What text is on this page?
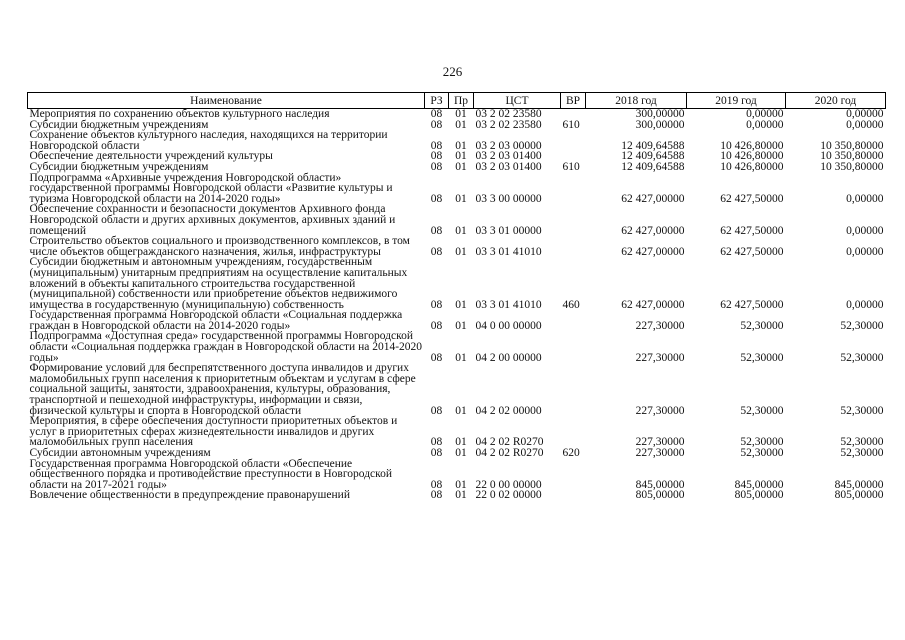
226
Наименование	РЗ	Пр	ЦСТ	ВР	2018 год	2019 год	2020 год
Мероприятия по сохранению объектов культурного наследия	08	01	03 2 02 23580		300,00000	0,00000	0,00000
Субсидии бюджетным учреждениям	08	01	03 2 02 23580	610	300,00000	0,00000	0,00000
Сохранение объектов культурного наследия, находящихся на территории Новгородской области	08	01	03 2 03 00000		12 409,64588	10 426,80000	10 350,80000
Обеспечение деятельности учреждений культуры	08	01	03 2 03 01400		12 409,64588	10 426,80000	10 350,80000
Субсидии бюджетным учреждениям	08	01	03 2 03 01400	610	12 409,64588	10 426,80000	10 350,80000
Подпрограмма «Архивные учреждения Новгородской области» государственной программы Новгородской области «Развитие культуры и туризма Новгородской области на 2014-2020 годы»	08	01	03 3 00 00000		62 427,00000	62 427,50000	0,00000
Обеспечение сохранности и безопасности документов Архивного фонда Новгородской области и других архивных документов, архивных зданий и помещений	08	01	03 3 01 00000		62 427,00000	62 427,50000	0,00000
Строительство объектов социального и производственного комплексов, в том числе объектов общегражданского назначения, жилья, инфраструктуры	08	01	03 3 01 41010		62 427,00000	62 427,50000	0,00000
Субсидии бюджетным и автономным учреждениям, государственным (муниципальным) унитарным предприятиям на осуществление капитальных вложений в объекты капитального строительства государственной (муниципальной) собственности или приобретение объектов недвижимого имущества в государственную (муниципальную) собственность	08	01	03 3 01 41010	460	62 427,00000	62 427,50000	0,00000
Государственная программа Новгородской области «Социальная поддержка граждан в Новгородской области на 2014-2020 годы»	08	01	04 0 00 00000		227,30000	52,30000	52,30000
Подпрограмма «Доступная среда» государственной программы Новгородской области «Социальная поддержка граждан в Новгородской области на 2014-2020 годы»	08	01	04 2 00 00000		227,30000	52,30000	52,30000
Формирование условий для беспрепятственного доступа инвалидов и других маломобильных групп населения к приоритетным объектам и услугам в сфере социальной защиты, занятости, здравоохранения, культуры, образования, транспортной и пешеходной инфраструктуры, информации и связи, физической культуры и спорта в Новгородской области	08	01	04 2 02 00000		227,30000	52,30000	52,30000
Мероприятия, в сфере обеспечения доступности приоритетных объектов и услуг в приоритетных сферах жизнедеятельности инвалидов и других маломобильных групп населения	08	01	04 2 02 R0270		227,30000	52,30000	52,30000
Субсидии автономным учреждениям	08	01	04 2 02 R0270	620	227,30000	52,30000	52,30000
Государственная программа Новгородской области «Обеспечение общественного порядка и противодействие преступности в Новгородской области на 2017-2021 годы»	08	01	22 0 00 00000		845,00000	845,00000	845,00000
Вовлечение общественности в предупреждение правонарушений	08	01	22 0 02 00000		805,00000	805,00000	805,00000
